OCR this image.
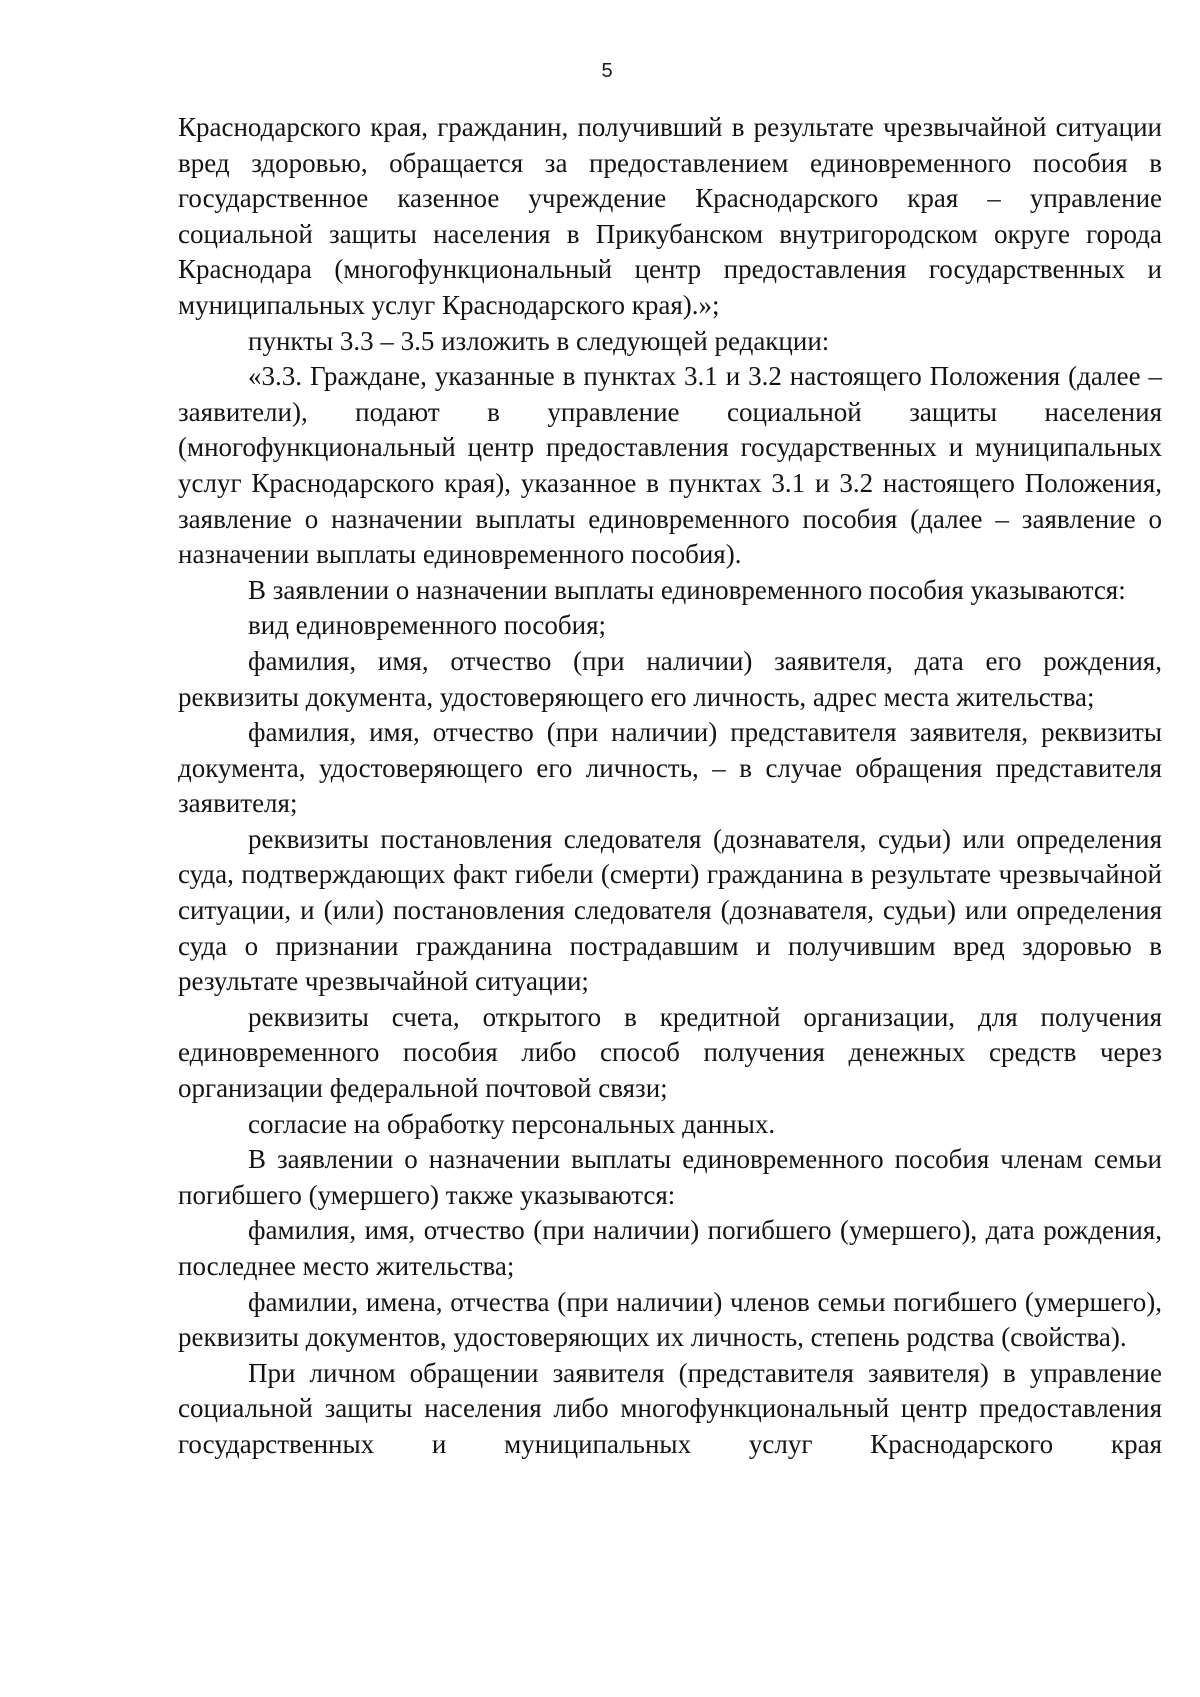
5

Краснодарского края, гражданин, получивший в результате чрезвычайной ситуации вред здоровью, обращается за предоставлением единовременного пособия в государственное казенное учреждение Краснодарского края – управление социальной защиты населения в Прикубанском внутригородском округе города Краснодара (многофункциональный центр предоставления государственных и муниципальных услуг Краснодарского края).»;

пункты 3.3 – 3.5 изложить в следующей редакции:

«3.3. Граждане, указанные в пунктах 3.1 и 3.2 настоящего Положения (далее – заявители), подают в управление социальной защиты населения (многофункциональный центр предоставления государственных и муниципальных услуг Краснодарского края), указанное в пунктах 3.1 и 3.2 настоящего Положения, заявление о назначении выплаты единовременного пособия (далее – заявление о назначении выплаты единовременного пособия).

В заявлении о назначении выплаты единовременного пособия указываются:

вид единовременного пособия;

фамилия, имя, отчество (при наличии) заявителя, дата его рождения, реквизиты документа, удостоверяющего его личность, адрес места жительства;

фамилия, имя, отчество (при наличии) представителя заявителя, реквизиты документа, удостоверяющего его личность, – в случае обращения представителя заявителя;

реквизиты постановления следователя (дознавателя, судьи) или определения суда, подтверждающих факт гибели (смерти) гражданина в результате чрезвычайной ситуации, и (или) постановления следователя (дознавателя, судьи) или определения суда о признании гражданина пострадавшим и получившим вред здоровью в результате чрезвычайной ситуации;

реквизиты счета, открытого в кредитной организации, для получения единовременного пособия либо способ получения денежных средств через организации федеральной почтовой связи;

согласие на обработку персональных данных.

В заявлении о назначении выплаты единовременного пособия членам семьи погибшего (умершего) также указываются:

фамилия, имя, отчество (при наличии) погибшего (умершего), дата рождения, последнее место жительства;

фамилии, имена, отчества (при наличии) членов семьи погибшего (умершего), реквизиты документов, удостоверяющих их личность, степень родства (свойства).

При личном обращении заявителя (представителя заявителя) в управление социальной защиты населения либо многофункциональный центр предоставления государственных и муниципальных услуг Краснодарского края
